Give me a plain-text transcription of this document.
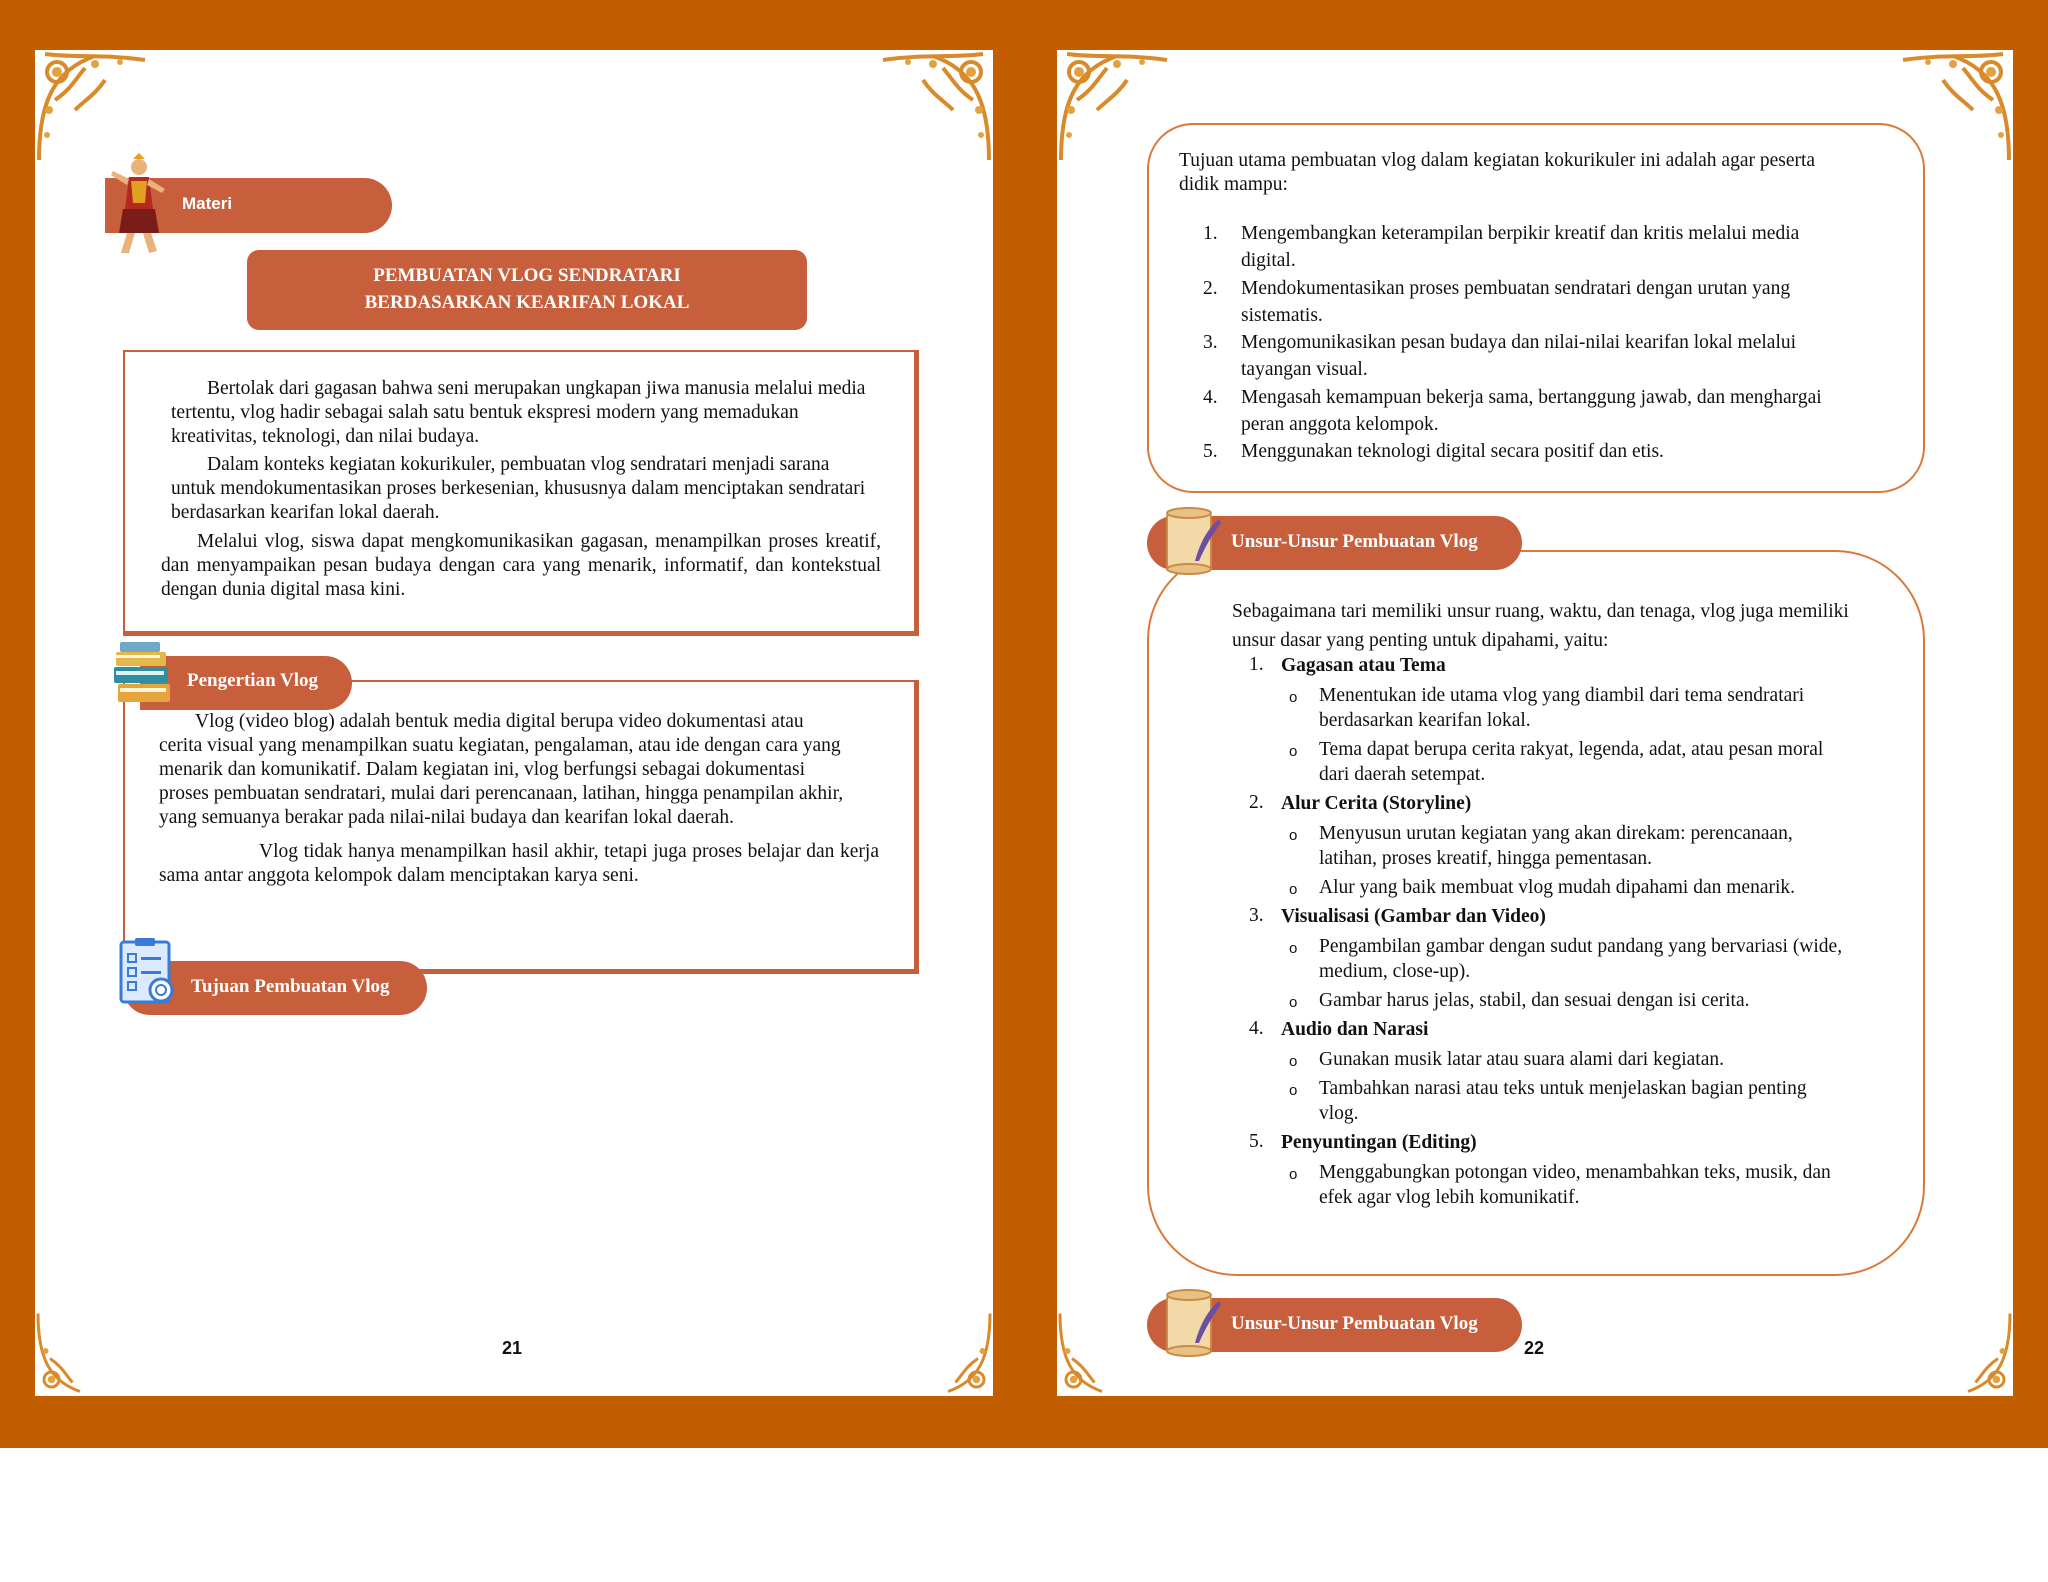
Materi
PEMBUATAN VLOG SENDRATARI
BERDASARKAN KEARIFAN LOKAL

Bertolak dari gagasan bahwa seni merupakan ungkapan jiwa manusia melalui media
tertentu, vlog hadir sebagai salah satu bentuk ekspresi modern yang memadukan
kreativitas, teknologi, dan nilai budaya.

Dalam konteks kegiatan kokurikuler, pembuatan vlog sendratari menjadi sarana
untuk mendokumentasikan proses berkesenian, khususnya dalam menciptakan sendratari
berdasarkan kearifan lokal daerah.

Melalui vlog, siswa dapat mengkomunikasikan gagasan, menampilkan proses kreatif, dan menyampaikan pesan budaya dengan cara yang menarik, informatif, dan kontekstual dengan dunia digital masa kini.

Vlog (video blog) adalah bentuk media digital berupa video dokumentasi atau
cerita visual yang menampilkan suatu kegiatan, pengalaman, atau ide dengan cara yang
menarik dan komunikatif. Dalam kegiatan ini, vlog berfungsi sebagai dokumentasi
proses pembuatan sendratari, mulai dari perencanaan, latihan, hingga penampilan akhir,
yang semuanya berakar pada nilai-nilai budaya dan kearifan lokal daerah.

Vlog tidak hanya menampilkan hasil akhir, tetapi juga proses belajar dan kerja sama antar anggota kelompok dalam menciptakan karya seni.

Pengertian Vlog
Tujuan Pembuatan Vlog
21
Tujuan utama pembuatan vlog dalam kegiatan kokurikuler ini adalah agar peserta
didik mampu:
1. Mengembangkan keterampilan berpikir kreatif dan kritis melalui media
digital.
2. Mendokumentasikan proses pembuatan sendratari dengan urutan yang
sistematis.
3. Mengomunikasikan pesan budaya dan nilai-nilai kearifan lokal melalui
tayangan visual.
4. Mengasah kemampuan bekerja sama, bertanggung jawab, dan menghargai
peran anggota kelompok.
5. Menggunakan teknologi digital secara positif dan etis.
Sebagaimana tari memiliki unsur ruang, waktu, dan tenaga, vlog juga memiliki
unsur dasar yang penting untuk dipahami, yaitu:
1. Gagasan atau Tema
o Menentukan ide utama vlog yang diambil dari tema sendratari
berdasarkan kearifan lokal.
o Tema dapat berupa cerita rakyat, legenda, adat, atau pesan moral
dari daerah setempat.
2. Alur Cerita (Storyline)
o Menyusun urutan kegiatan yang akan direkam: perencanaan,
latihan, proses kreatif, hingga pementasan.
o Alur yang baik membuat vlog mudah dipahami dan menarik.
3. Visualisasi (Gambar dan Video)
o Pengambilan gambar dengan sudut pandang yang bervariasi (wide,
medium, close-up).
o Gambar harus jelas, stabil, dan sesuai dengan isi cerita.
4. Audio dan Narasi
o Gunakan musik latar atau suara alami dari kegiatan.
o Tambahkan narasi atau teks untuk menjelaskan bagian penting
vlog.
5. Penyuntingan (Editing)
o Menggabungkan potongan video, menambahkan teks, musik, dan
efek agar vlog lebih komunikatif.
Unsur-Unsur Pembuatan Vlog
Unsur-Unsur Pembuatan Vlog
22
